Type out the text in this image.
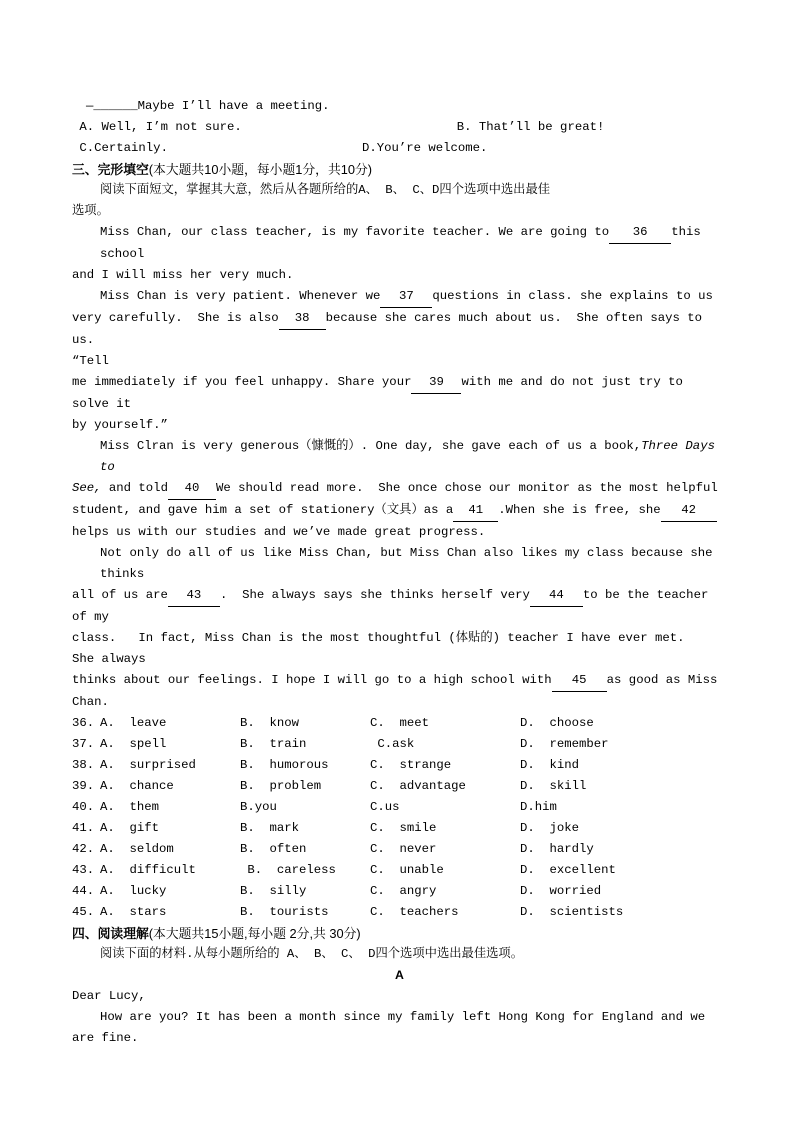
—______Maybe I’ll have a meeting.
A. Well, I’m not sure.	B. That’ll be great!
C.Certainly.	D.You’re welcome.
三、完形填空(本大题共10小题，每小题1分，共10分)
阅读下面短文，掌握其大意，然后从各题所给的A、 B、 C、D四个选项中选出最佳
选项。
Miss Chan, our class teacher, is my favorite teacher. We are going to 36 this school
and I will miss her very much.
Miss Chan is very patient. Whenever we 37 questions in class. she explains to us
very carefully.  She is also 38 because she cares much about us.  She often says to us.
“Tell
me immediately if you feel unhappy. Share your 39 with me and do not just try to solve it
by yourself.”
Miss Clran is very generous（慷慨的）. One day, she gave each of us a book,Three Days to
See, and told 40 We should read more.  She once chose our monitor as the most helpful
student, and gave him a set of stationery（文具）as a 41 .When she is free, she 42
helps us with our studies and we’ve made great progress.
Not only do all of us like Miss Chan, but Miss Chan also likes my class because she thinks
all of us are 43 .  She always says she thinks herself very 44 to be the teacher of my
class.   In fact, Miss Chan is the most thoughtful (体贴的) teacher I have ever met.   She always
thinks about our feelings. I hope I will go to a high school with 45 as good as Miss Chan.
36. A.  leave	B.  know	C.  meet	D.  choose
37. A.  spell	B.  train	C.ask	D.  remember
38. A.  surprised	B.  humorous	C.  strange	D.  kind
39. A.  chance	B.  problem	C.  advantage	D.  skill
40. A.  them	B.you	C.us	D.him
41. A.  gift	B.  mark	C.  smile	D.  joke
42. A.  seldom	B.  often	C.  never	D.  hardly
43. A.  difficult	B.  careless	C.  unable	D.  excellent
44. A.  lucky	B.  silly	C.  angry	D.  worried
45. A.  stars	B.  tourists	C.  teachers	D.  scientists
四、阅读理解(本大题共15小题,每小题 2分,共 30分)
阅读下面的材料.从每小题所给的 A、 B、 C、 D四个选项中选出最佳选项。
A
Dear Lucy,
How are you? It has been a month since my family left Hong Kong for England and we
are fine.
